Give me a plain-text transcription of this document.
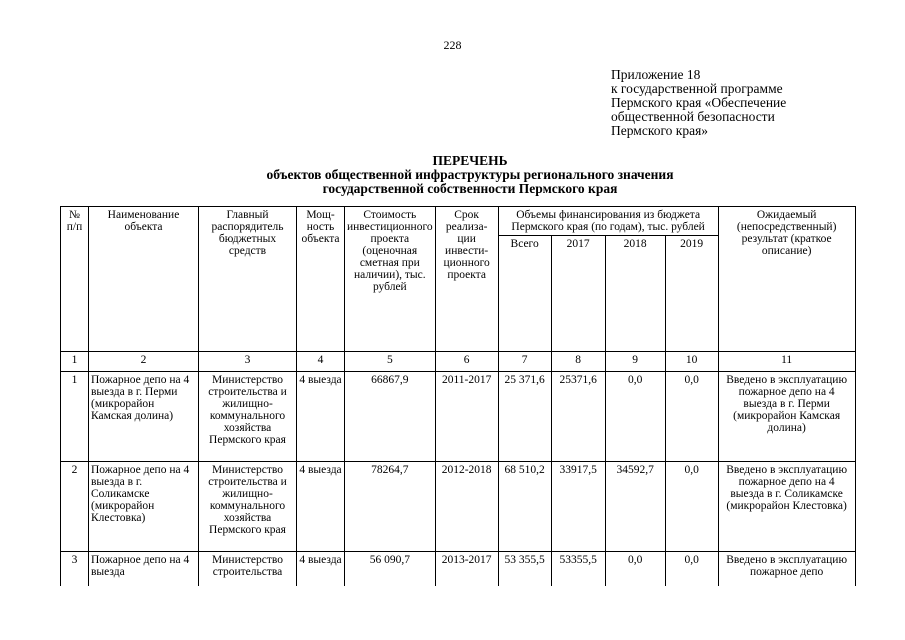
228
Приложение 18
к государственной программе
Пермского края «Обеспечение
общественной безопасности
Пермского края»
ПЕРЕЧЕНЬ
объектов общественной инфраструктуры регионального значения
государственной собственности Пермского края
№ п/п	Наименование объекта	Главный распорядитель бюджетных средств	Мощ-ность объекта	Стоимость инвестиционного проекта (оценочная сметная при наличии), тыс. рублей	Срок реализа-ции инвести-ционного проекта	Объемы финансирования из бюджета Пермского края (по годам), тыс. рублей				Ожидаемый (непосредственный) результат (краткое описание)
						Всего	2017	2018	2019	
1	2	3	4	5	6	7	8	9	10	11
1	Пожарное депо на 4 выезда в г. Перми (микрорайон Камская долина)	Министерство строительства и жилищно-коммунального хозяйства Пермского края	4 выезда	66867,9	2011-2017	25 371,6	25371,6	0,0	0,0	Введено в эксплуатацию пожарное депо на 4 выезда в г. Перми (микрорайон Камская долина)
2	Пожарное депо на 4 выезда в г. Соликамске (микрорайон Клестовка)	Министерство строительства и жилищно-коммунального хозяйства Пермского края	4 выезда	78264,7	2012-2018	68 510,2	33917,5	34592,7	0,0	Введено в эксплуатацию пожарное депо на 4 выезда в г. Соликамске (микрорайон Клестовка)
3	Пожарное депо на 4 выезда	Министерство строительства	4 выезда	56 090,7	2013-2017	53 355,5	53355,5	0,0	0,0	Введено в эксплуатацию пожарное депо
